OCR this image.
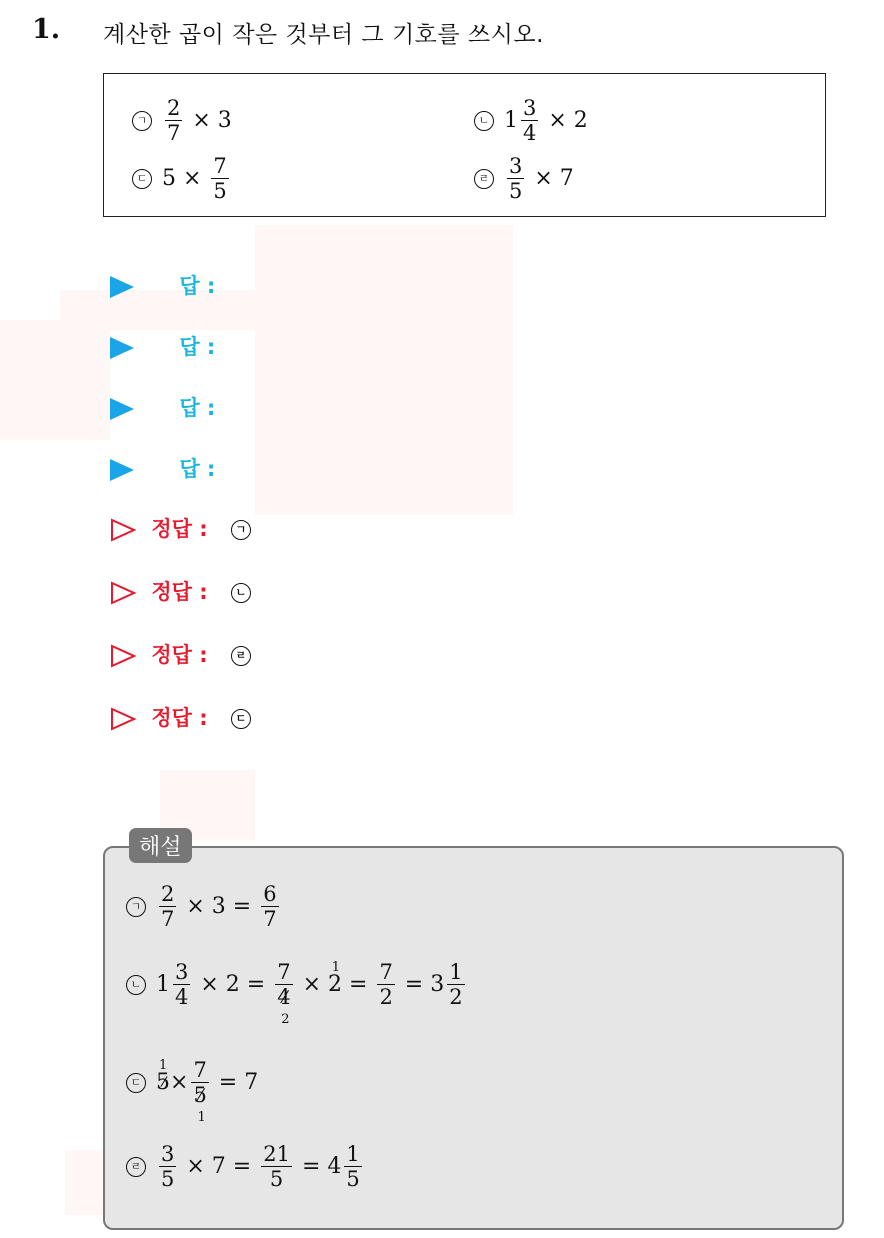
1. 계산한 곱이 작은 것부터 그 기호를 쓰시오.
ㄱ $\frac{2}{7} \times 3$	ㄴ $1 \frac{3}{4} \times 2$
ㄷ $5 \times \frac{7}{5}$	ㄹ $\frac{3}{5} \times 7$
답 :
답 :
답 :
답 :
정답 :	ㄱ
정답 :	ㄴ
정답 :	ㄹ
정답 :	ㄷ
해설
ㄱ $\frac{2}{7} \times 3 = \frac{6}{7}$
ㄴ $1 \frac{3}{4} \times 2 = 7$
4
2
× 2
1
= $\frac{7}{2} = 3 \frac{1}{2}$
ㄷ 5
1
× 7
5
1
= 7
ㄹ $\frac{3}{5} \times 7 = \frac{21}{5} = 4 \frac{1}{5}$
